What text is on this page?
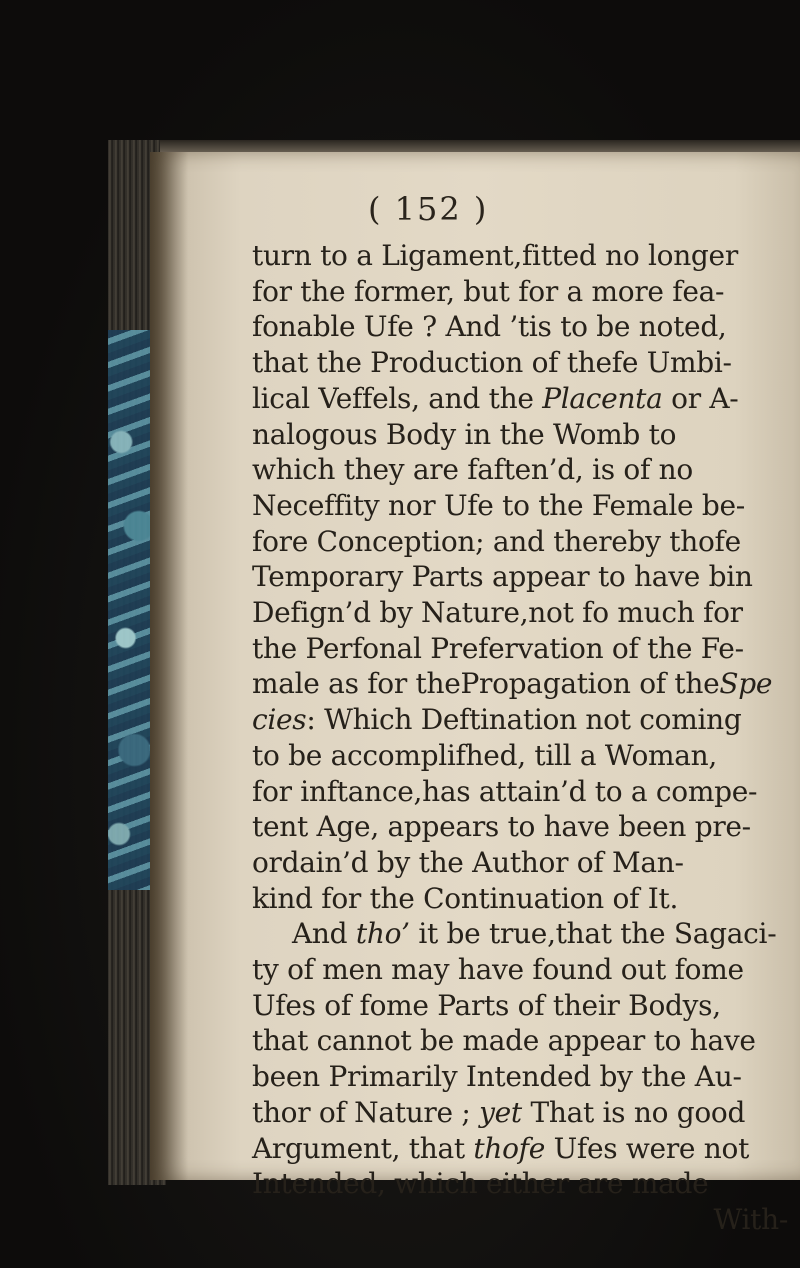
( 152 )
turn to a Ligament,fitted no longer
for the former, but for a more fea-
fonable Ufe ? And ’tis to be noted,
that the Production of thefe Umbi-
lical Veffels, and the Placenta or A-
nalogous Body in the Womb to
which they are faften’d, is of no
Neceffity nor Ufe to the Female be-
fore Conception; and thereby thofe
Temporary Parts appear to have bin
Defign’d by Nature,not fo much for
the Perfonal Prefervation of the Fe-
male as for thePropagation of theSpe
cies: Which Deftination not coming
to be accomplifhed, till a Woman,
for inftance,has attain’d to a compe-
tent Age, appears to have been pre-
ordain’d by the Author of Man-
kind for the Continuation of It.
And tho’ it be true,that the Sagaci-
ty of men may have found out fome
Ufes of fome Parts of their Bodys,
that cannot be made appear to have
been Primarily Intended by the Au-
thor of Nature ; yet That is no good
Argument, that thofe Ufes were not
Intended, which either are made
With-
